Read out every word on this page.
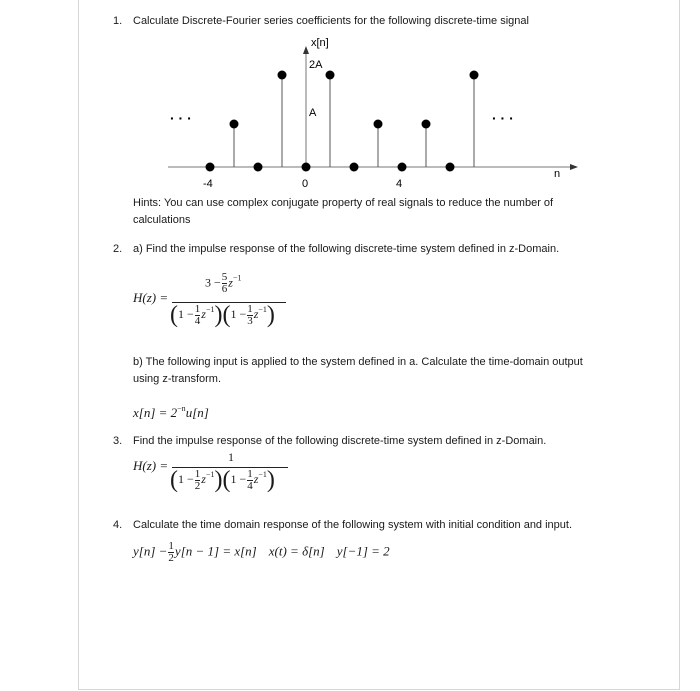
1. Calculate Discrete-Fourier series coefficients for the following discrete-time signal
x[n]
2A
A
n
-4	0	4
· · ·	· · ·
Hints: You can use complex conjugate property of real signals to reduce the number of
calculations
2. a) Find the impulse response of the following discrete-time system defined in z-Domain.
H(z) =
$3 - \frac{5}{6} z^{-1}$
$(1 - \frac{1}{4} z^{-1})(1 - \frac{1}{3} z^{-1})$
b) The following input is applied to the system defined in a. Calculate the time-domain output
using z-transform.
$x[n] = 2^{-n}u[n]$
3. Find the impulse response of the following discrete-time system defined in z-Domain.
H(z) =
1
$(1 - \frac{1}{2} z^{-1})(1 - \frac{1}{4} z^{-1})$
4. Calculate the time domain response of the following system with initial condition and input.
$y[n] - \frac{1}{2} y[n - 1] = x[n] x(t) = \delta[n] y[-1] = 2$
